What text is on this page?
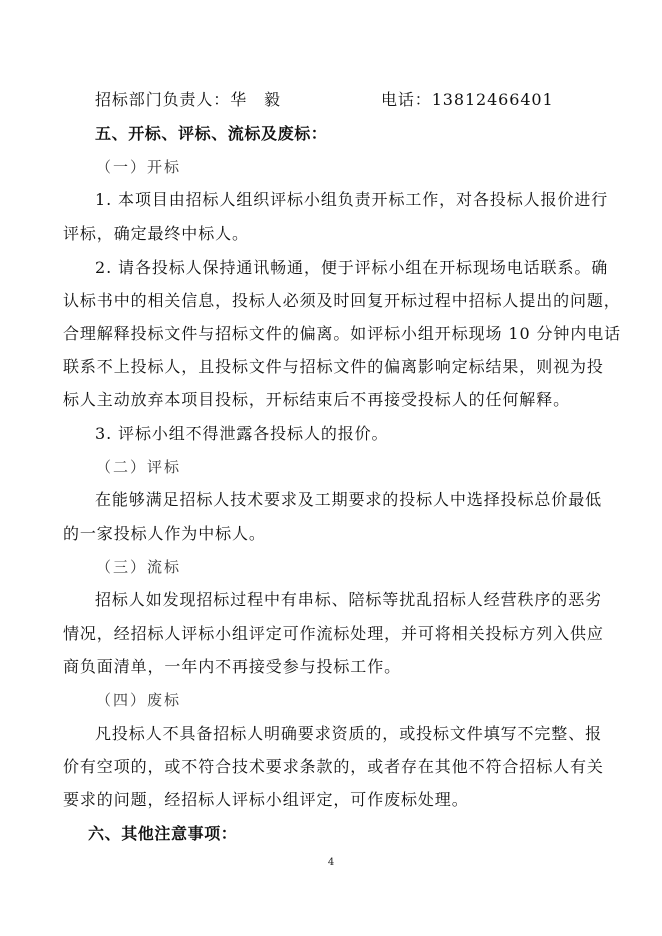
招标部门负责人：华　毅	电话：13812466401
五、开标、评标、流标及废标：
（一）开标
1. 本项目由招标人组织评标小组负责开标工作，对各投标人报价进行
评标，确定最终中标人。
2. 请各投标人保持通讯畅通，便于评标小组在开标现场电话联系。确
认标书中的相关信息，投标人必须及时回复开标过程中招标人提出的问题，
合理解释投标文件与招标文件的偏离。如评标小组开标现场 10 分钟内电话
联系不上投标人，且投标文件与招标文件的偏离影响定标结果，则视为投
标人主动放弃本项目投标，开标结束后不再接受投标人的任何解释。
3. 评标小组不得泄露各投标人的报价。
（二）评标
在能够满足招标人技术要求及工期要求的投标人中选择投标总价最低
的一家投标人作为中标人。
（三）流标
招标人如发现招标过程中有串标、陪标等扰乱招标人经营秩序的恶劣
情况，经招标人评标小组评定可作流标处理，并可将相关投标方列入供应
商负面清单，一年内不再接受参与投标工作。
（四）废标
凡投标人不具备招标人明确要求资质的，或投标文件填写不完整、报
价有空项的，或不符合技术要求条款的，或者存在其他不符合招标人有关
要求的问题，经招标人评标小组评定，可作废标处理。
六、其他注意事项：
4
